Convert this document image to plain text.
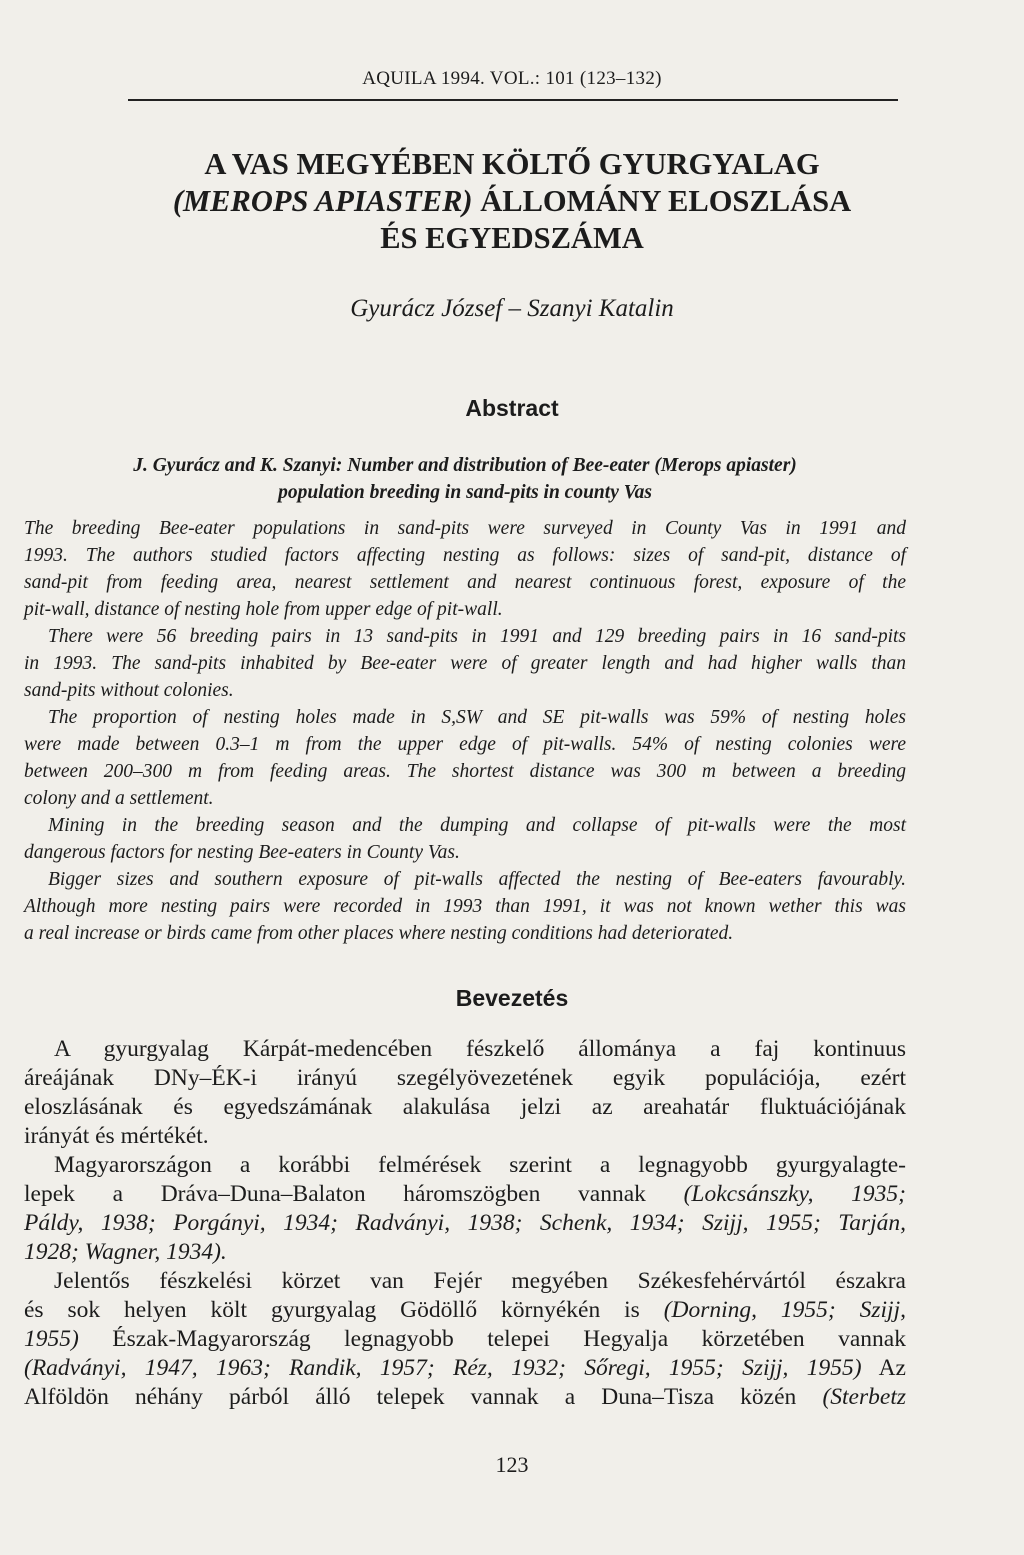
AQUILA 1994. VOL.: 101 (123–132)
A VAS MEGYÉBEN KÖLTŐ GYURGYALAG
(MEROPS APIASTER) ÁLLOMÁNY ELOSZLÁSA
ÉS EGYEDSZÁMA
Gyurácz József – Szanyi Katalin
Abstract
J. Gyurácz and K. Szanyi: Number and distribution of Bee-eater (Merops apiaster)
population breeding in sand-pits in county Vas
The breeding Bee-eater populations in sand-pits were surveyed in County Vas in 1991 and
1993. The authors studied factors affecting nesting as follows: sizes of sand-pit, distance of
sand-pit from feeding area, nearest settlement and nearest continuous forest, exposure of the
pit-wall, distance of nesting hole from upper edge of pit-wall.
There were 56 breeding pairs in 13 sand-pits in 1991 and 129 breeding pairs in 16 sand-pits
in 1993. The sand-pits inhabited by Bee-eater were of greater length and had higher walls than
sand-pits without colonies.
The proportion of nesting holes made in S,SW and SE pit-walls was 59% of nesting holes
were made between 0.3–1 m from the upper edge of pit-walls. 54% of nesting colonies were
between 200–300 m from feeding areas. The shortest distance was 300 m between a breeding
colony and a settlement.
Mining in the breeding season and the dumping and collapse of pit-walls were the most
dangerous factors for nesting Bee-eaters in County Vas.
Bigger sizes and southern exposure of pit-walls affected the nesting of Bee-eaters favourably.
Although more nesting pairs were recorded in 1993 than 1991, it was not known wether this was
a real increase or birds came from other places where nesting conditions had deteriorated.
Bevezetés
A gyurgyalag Kárpát-medencében fészkelő állománya a faj kontinuus
áreájának DNy–ÉK-i irányú szegélyövezetének egyik populációja, ezért
eloszlásának és egyedszámának alakulása jelzi az areahatár fluktuációjának
irányát és mértékét.
Magyarországon a korábbi felmérések szerint a legnagyobb gyurgyalagte-
lepek a Dráva–Duna–Balaton háromszögben vannak (Lokcsánszky, 1935;
Páldy, 1938; Porgányi, 1934; Radványi, 1938; Schenk, 1934; Szijj, 1955; Tarján,
1928; Wagner, 1934).
Jelentős fészkelési körzet van Fejér megyében Székesfehérvártól északra
és sok helyen költ gyurgyalag Gödöllő környékén is (Dorning, 1955; Szijj,
1955) Észak-Magyarország legnagyobb telepei Hegyalja körzetében vannak
(Radványi, 1947, 1963; Randik, 1957; Réz, 1932; Sőregi, 1955; Szijj, 1955) Az
Alföldön néhány párból álló telepek vannak a Duna–Tisza közén (Sterbetz
123
